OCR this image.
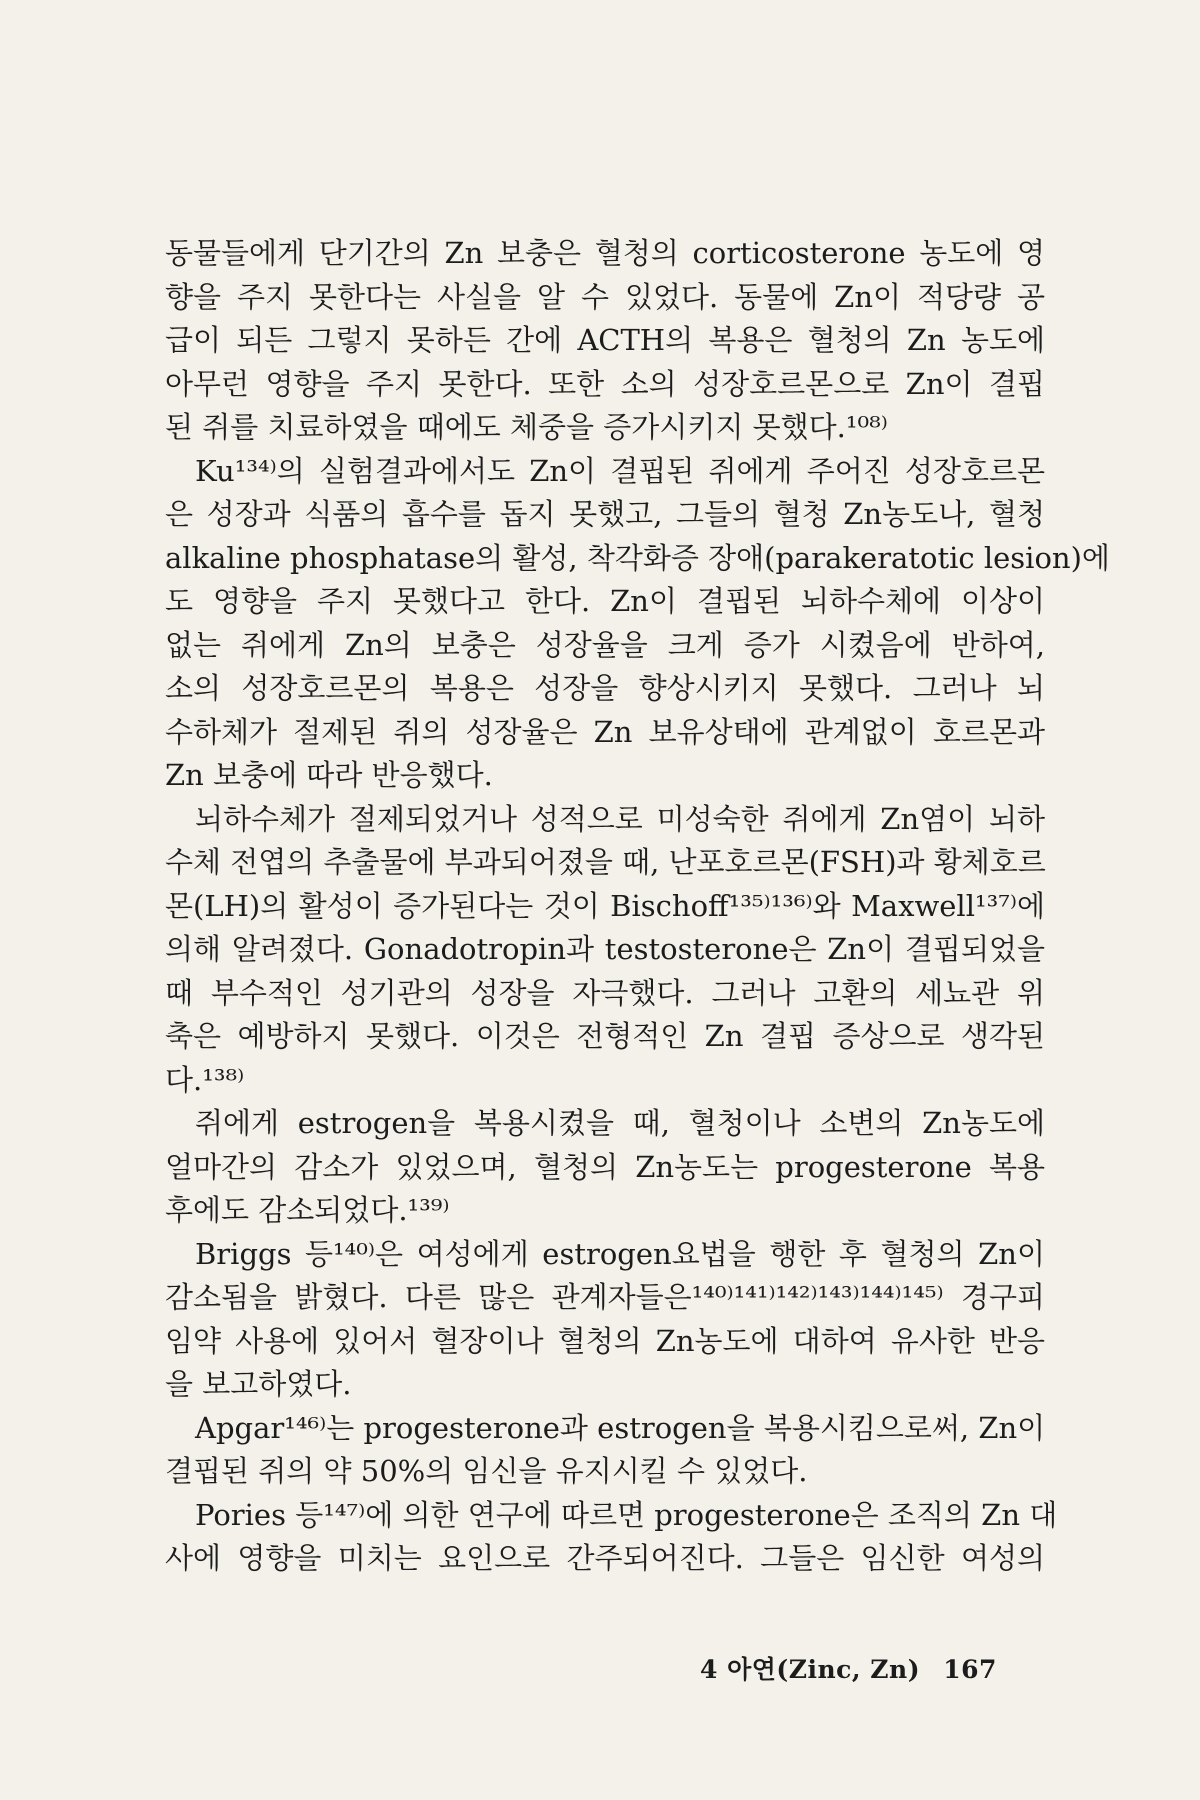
동물들에게 단기간의 Zn 보충은 혈청의 corticosterone 농도에 영
향을 주지 못한다는 사실을 알 수 있었다. 동물에 Zn이 적당량 공
급이 되든 그렇지 못하든 간에 ACTH의 복용은 혈청의 Zn 농도에
아무런 영향을 주지 못한다. 또한 소의 성장호르몬으로 Zn이 결핍
된 쥐를 치료하였을 때에도 체중을 증가시키지 못했다.¹⁰⁸⁾
Ku¹³⁴⁾의 실험결과에서도 Zn이 결핍된 쥐에게 주어진 성장호르몬
은 성장과 식품의 흡수를 돕지 못했고, 그들의 혈청 Zn농도나, 혈청
alkaline phosphatase의 활성, 착각화증 장애(parakeratotic lesion)에
도 영향을 주지 못했다고 한다. Zn이 결핍된 뇌하수체에 이상이
없는 쥐에게 Zn의 보충은 성장율을 크게 증가 시켰음에 반하여,
소의 성장호르몬의 복용은 성장을 향상시키지 못했다. 그러나 뇌
수하체가 절제된 쥐의 성장율은 Zn 보유상태에 관계없이 호르몬과
Zn 보충에 따라 반응했다.
뇌하수체가 절제되었거나 성적으로 미성숙한 쥐에게 Zn염이 뇌하
수체 전엽의 추출물에 부과되어졌을 때, 난포호르몬(FSH)과 황체호르
몬(LH)의 활성이 증가된다는 것이 Bischoff¹³⁵⁾¹³⁶⁾와 Maxwell¹³⁷⁾에
의해 알려졌다. Gonadotropin과 testosterone은 Zn이 결핍되었을
때 부수적인 성기관의 성장을 자극했다. 그러나 고환의 세뇨관 위
축은 예방하지 못했다. 이것은 전형적인 Zn 결핍 증상으로 생각된
다.¹³⁸⁾
쥐에게 estrogen을 복용시켰을 때, 혈청이나 소변의 Zn농도에
얼마간의 감소가 있었으며, 혈청의 Zn농도는 progesterone 복용
후에도 감소되었다.¹³⁹⁾
Briggs 등¹⁴⁰⁾은 여성에게 estrogen요법을 행한 후 혈청의 Zn이
감소됨을 밝혔다. 다른 많은 관계자들은¹⁴⁰⁾¹⁴¹⁾¹⁴²⁾¹⁴³⁾¹⁴⁴⁾¹⁴⁵⁾ 경구피
임약 사용에 있어서 혈장이나 혈청의 Zn농도에 대하여 유사한 반응
을 보고하였다.
Apgar¹⁴⁶⁾는 progesterone과 estrogen을 복용시킴으로써, Zn이
결핍된 쥐의 약 50%의 임신을 유지시킬 수 있었다.
Pories 등¹⁴⁷⁾에 의한 연구에 따르면 progesterone은 조직의 Zn 대
사에 영향을 미치는 요인으로 간주되어진다. 그들은 임신한 여성의
4 아연(Zinc, Zn) 167
